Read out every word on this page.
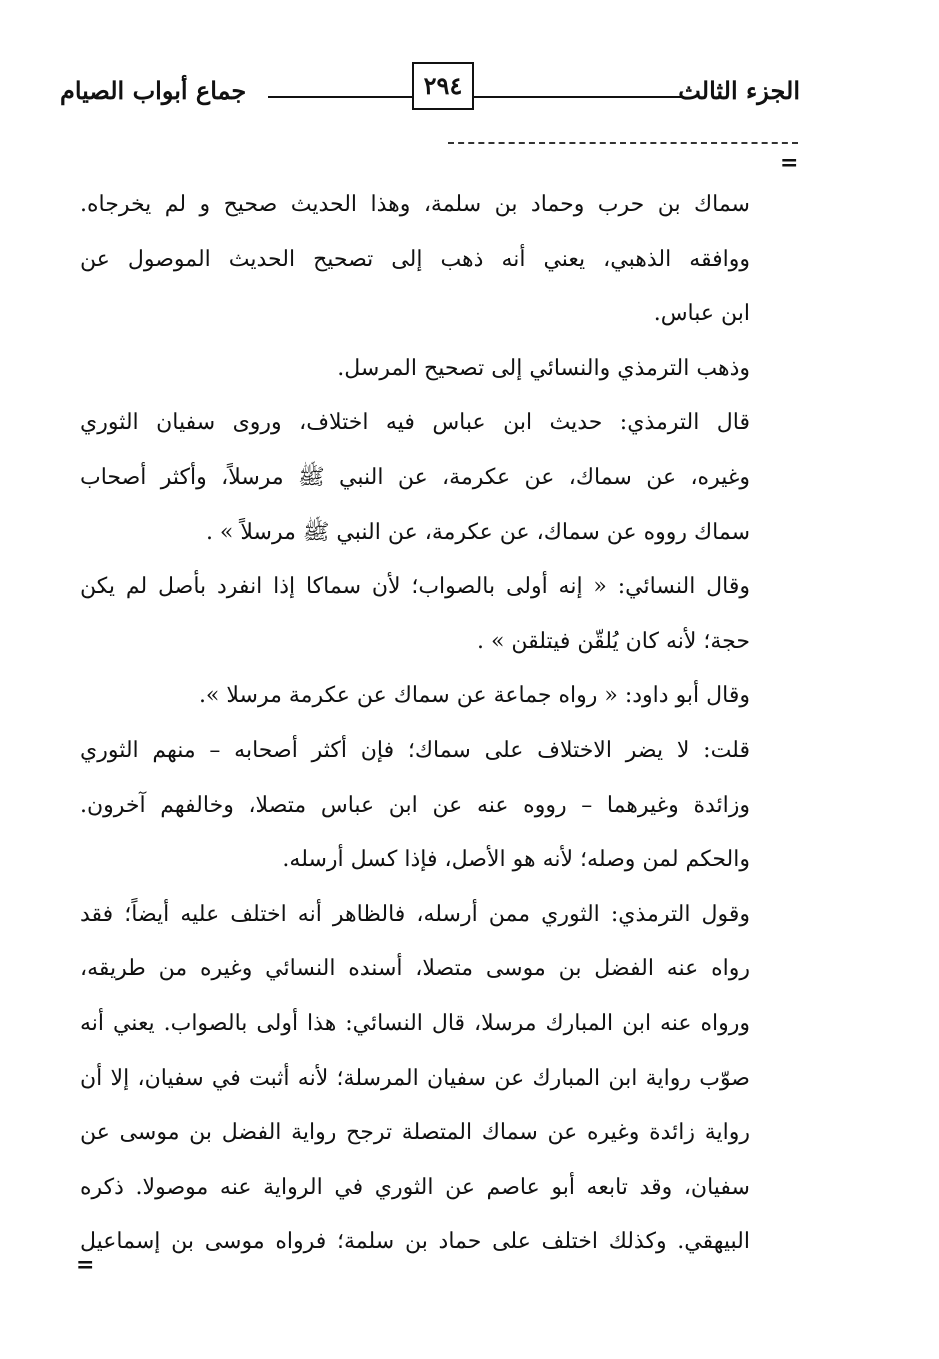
جماع أبواب الصيام	٢٩٤	الجزء الثالث
=
سماك بن حرب وحماد بن سلمة، وهذا الحديث صحيح و لم يخرجاه.
ووافقه الذهبي، يعني أنه ذهب إلى تصحيح الحديث الموصول عن
ابن عباس.
وذهب الترمذي والنسائي إلى تصحيح المرسل.
قال الترمذي: حديث ابن عباس فيه اختلاف، وروى سفيان الثوري
وغيره، عن سماك، عن عكرمة، عن النبي ﷺ مرسلاً، وأكثر أصحاب
سماك رووه عن سماك، عن عكرمة، عن النبي ﷺ مرسلاً » .
وقال النسائي: « إنه أولى بالصواب؛ لأن سماكا إذا انفرد بأصل لم يكن
حجة؛ لأنه كان يُلقّن فيتلقن » .
وقال أبو داود: « رواه جماعة عن سماك عن عكرمة مرسلا ».
قلت: لا يضر الاختلاف على سماك؛ فإن أكثر أصحابه – منهم الثوري
وزائدة وغيرهما – رووه عنه عن ابن عباس متصلا، وخالفهم آخرون.
والحكم لمن وصله؛ لأنه هو الأصل، فإذا كسل أرسله.
وقول الترمذي: الثوري ممن أرسله، فالظاهر أنه اختلف عليه أيضاً؛ فقد
رواه عنه الفضل بن موسى متصلا، أسنده النسائي وغيره من طريقه،
ورواه عنه ابن المبارك مرسلا، قال النسائي: هذا أولى بالصواب. يعني أنه
صوّب رواية ابن المبارك عن سفيان المرسلة؛ لأنه أثبت في سفيان، إلا أن
رواية زائدة وغيره عن سماك المتصلة ترجح رواية الفضل بن موسى عن
سفيان، وقد تابعه أبو عاصم عن الثوري في الرواية عنه موصولا. ذكره
البيهقي. وكذلك اختلف على حماد بن سلمة؛ فرواه موسى بن إسماعيل
=
